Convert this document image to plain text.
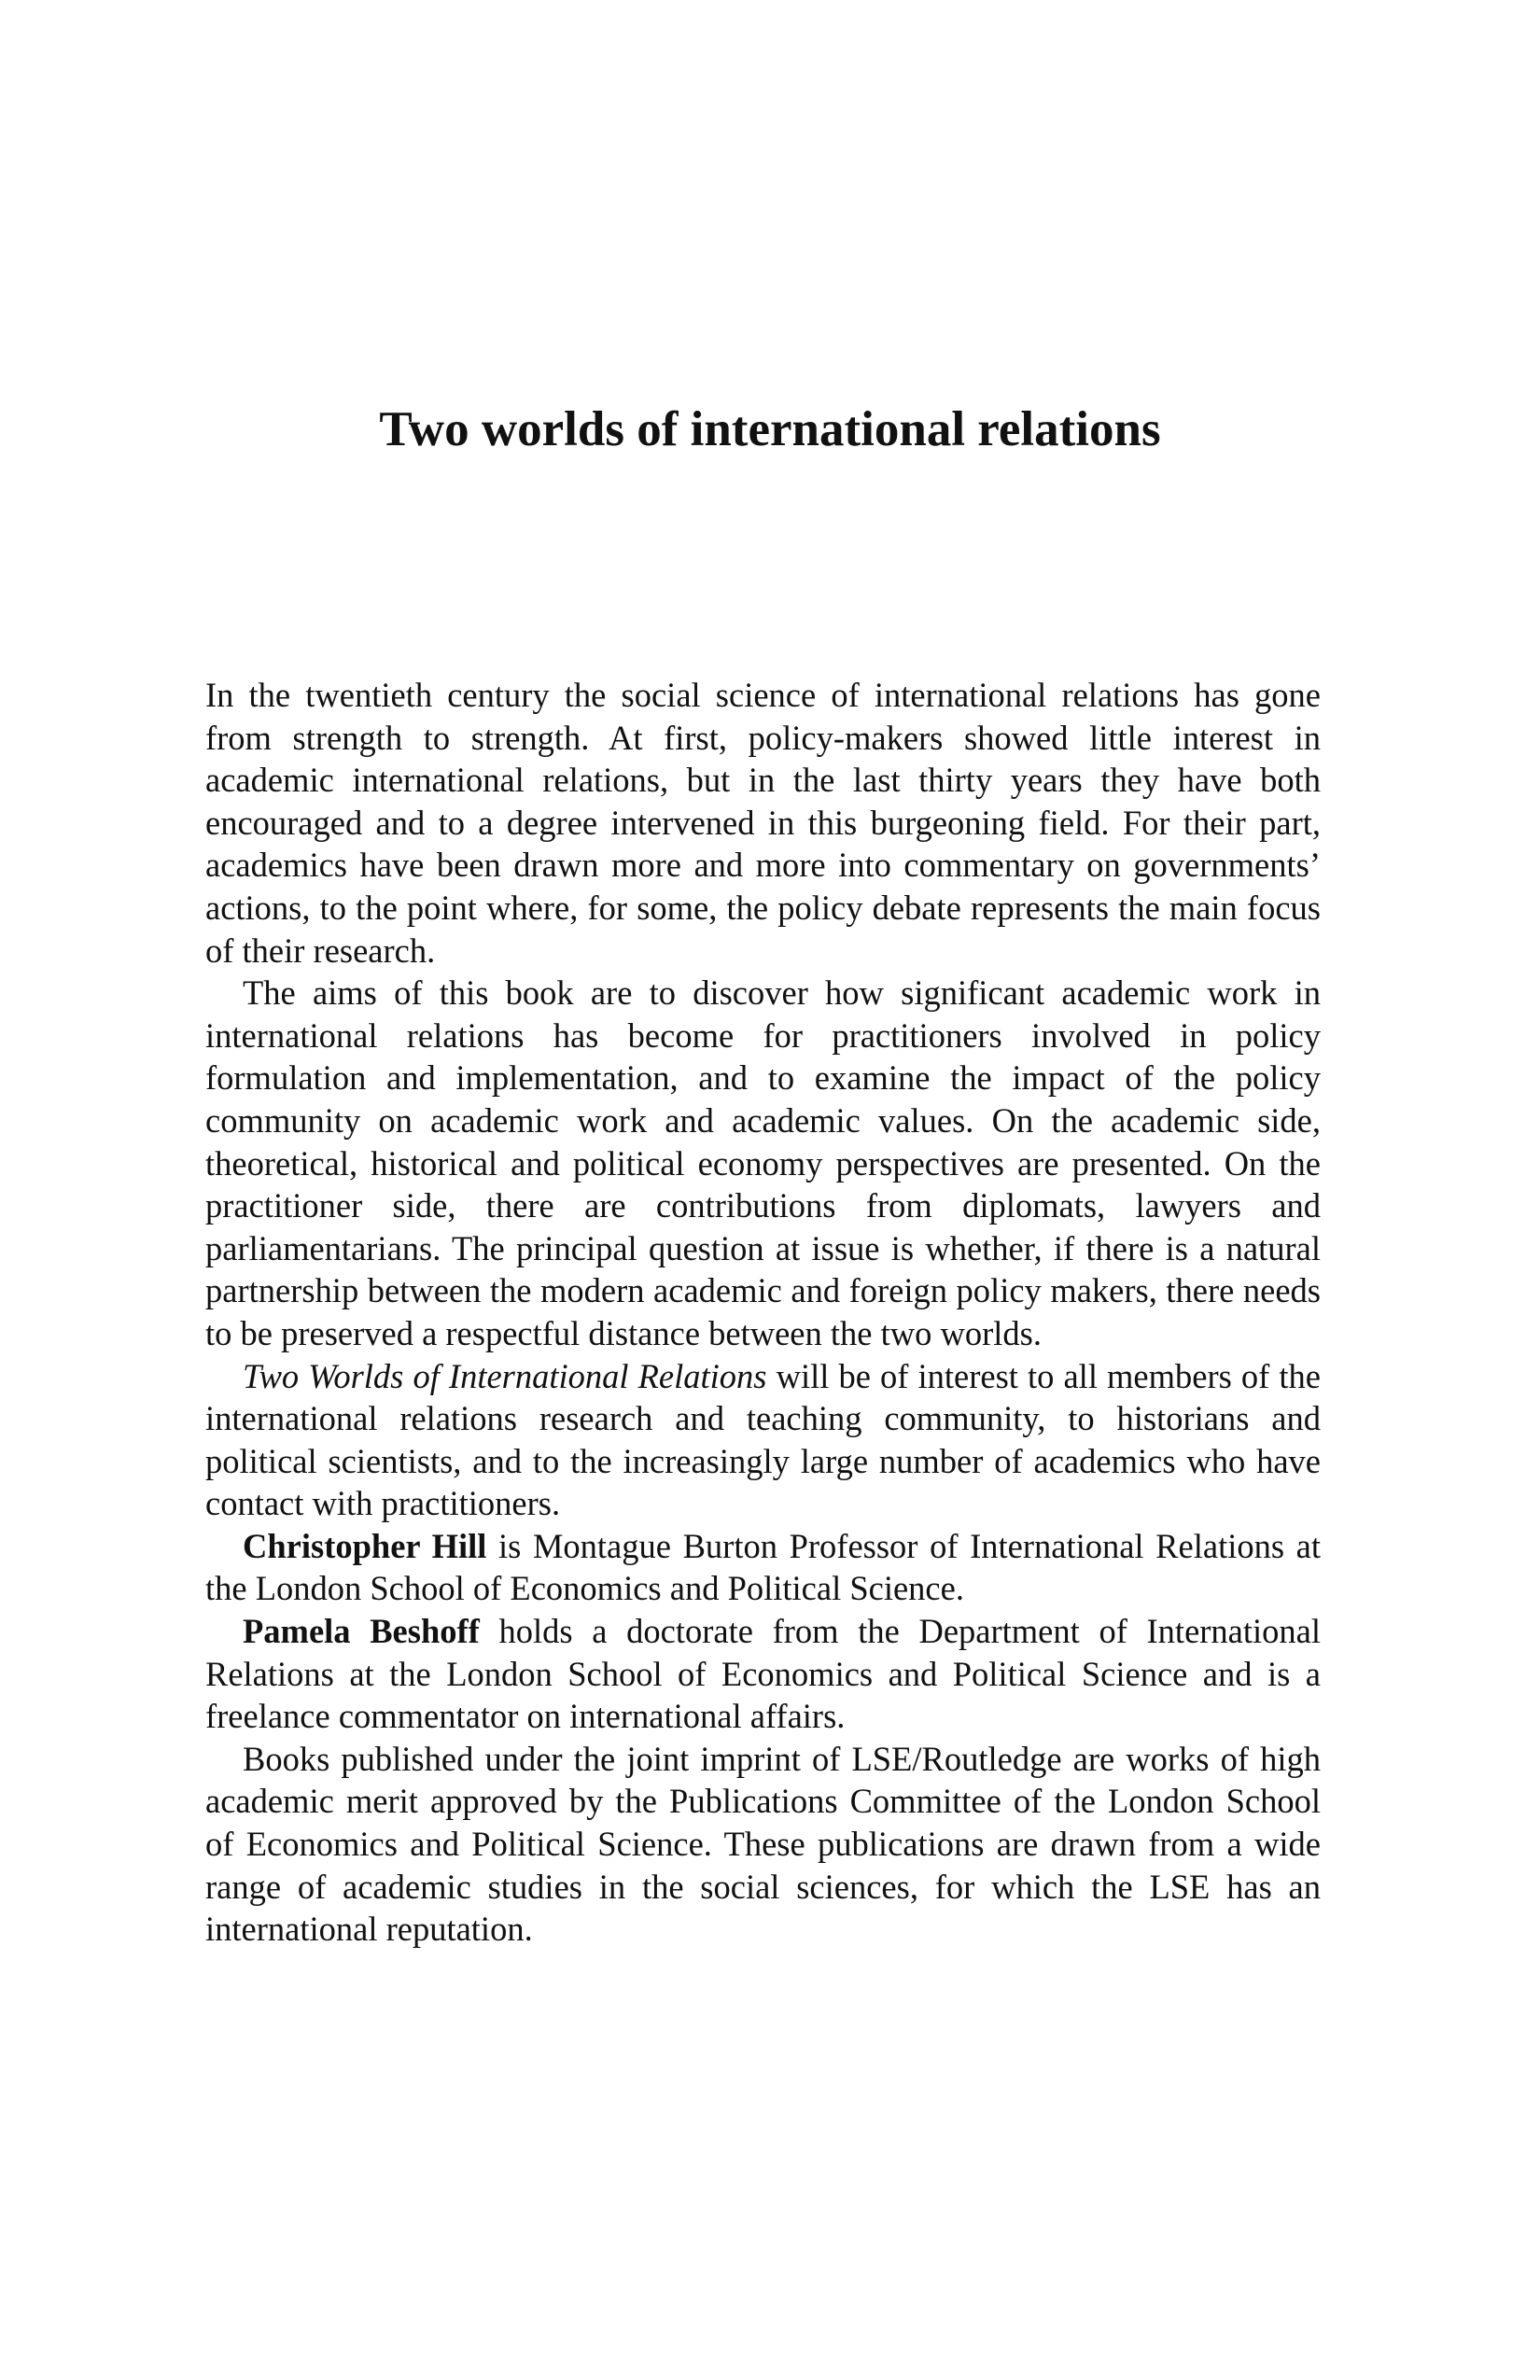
Two worlds of international relations

In the twentieth century the social science of international relations has gone from strength to strength. At first, policy-makers showed little interest in academic international relations, but in the last thirty years they have both encouraged and to a degree intervened in this burgeoning field. For their part, academics have been drawn more and more into commentary on governments’ actions, to the point where, for some, the policy debate represents the main focus of their research.

The aims of this book are to discover how significant academic work in international relations has become for practitioners involved in policy formulation and implementation, and to examine the impact of the policy community on academic work and academic values. On the academic side, theoretical, historical and political economy perspectives are presented. On the practitioner side, there are contributions from diplomats, lawyers and parliamentarians. The principal question at issue is whether, if there is a natural partnership between the modern academic and foreign policy makers, there needs to be preserved a respectful distance between the two worlds.

Two Worlds of International Relations will be of interest to all members of the international relations research and teaching community, to historians and political scientists, and to the increasingly large number of academics who have contact with practitioners.

Christopher Hill is Montague Burton Professor of International Relations at the London School of Economics and Political Science.

Pamela Beshoff holds a doctorate from the Department of International Relations at the London School of Economics and Political Science and is a freelance commentator on international affairs.

Books published under the joint imprint of LSE/Routledge are works of high academic merit approved by the Publications Committee of the London School of Economics and Political Science. These publications are drawn from a wide range of academic studies in the social sciences, for which the LSE has an international reputation.
